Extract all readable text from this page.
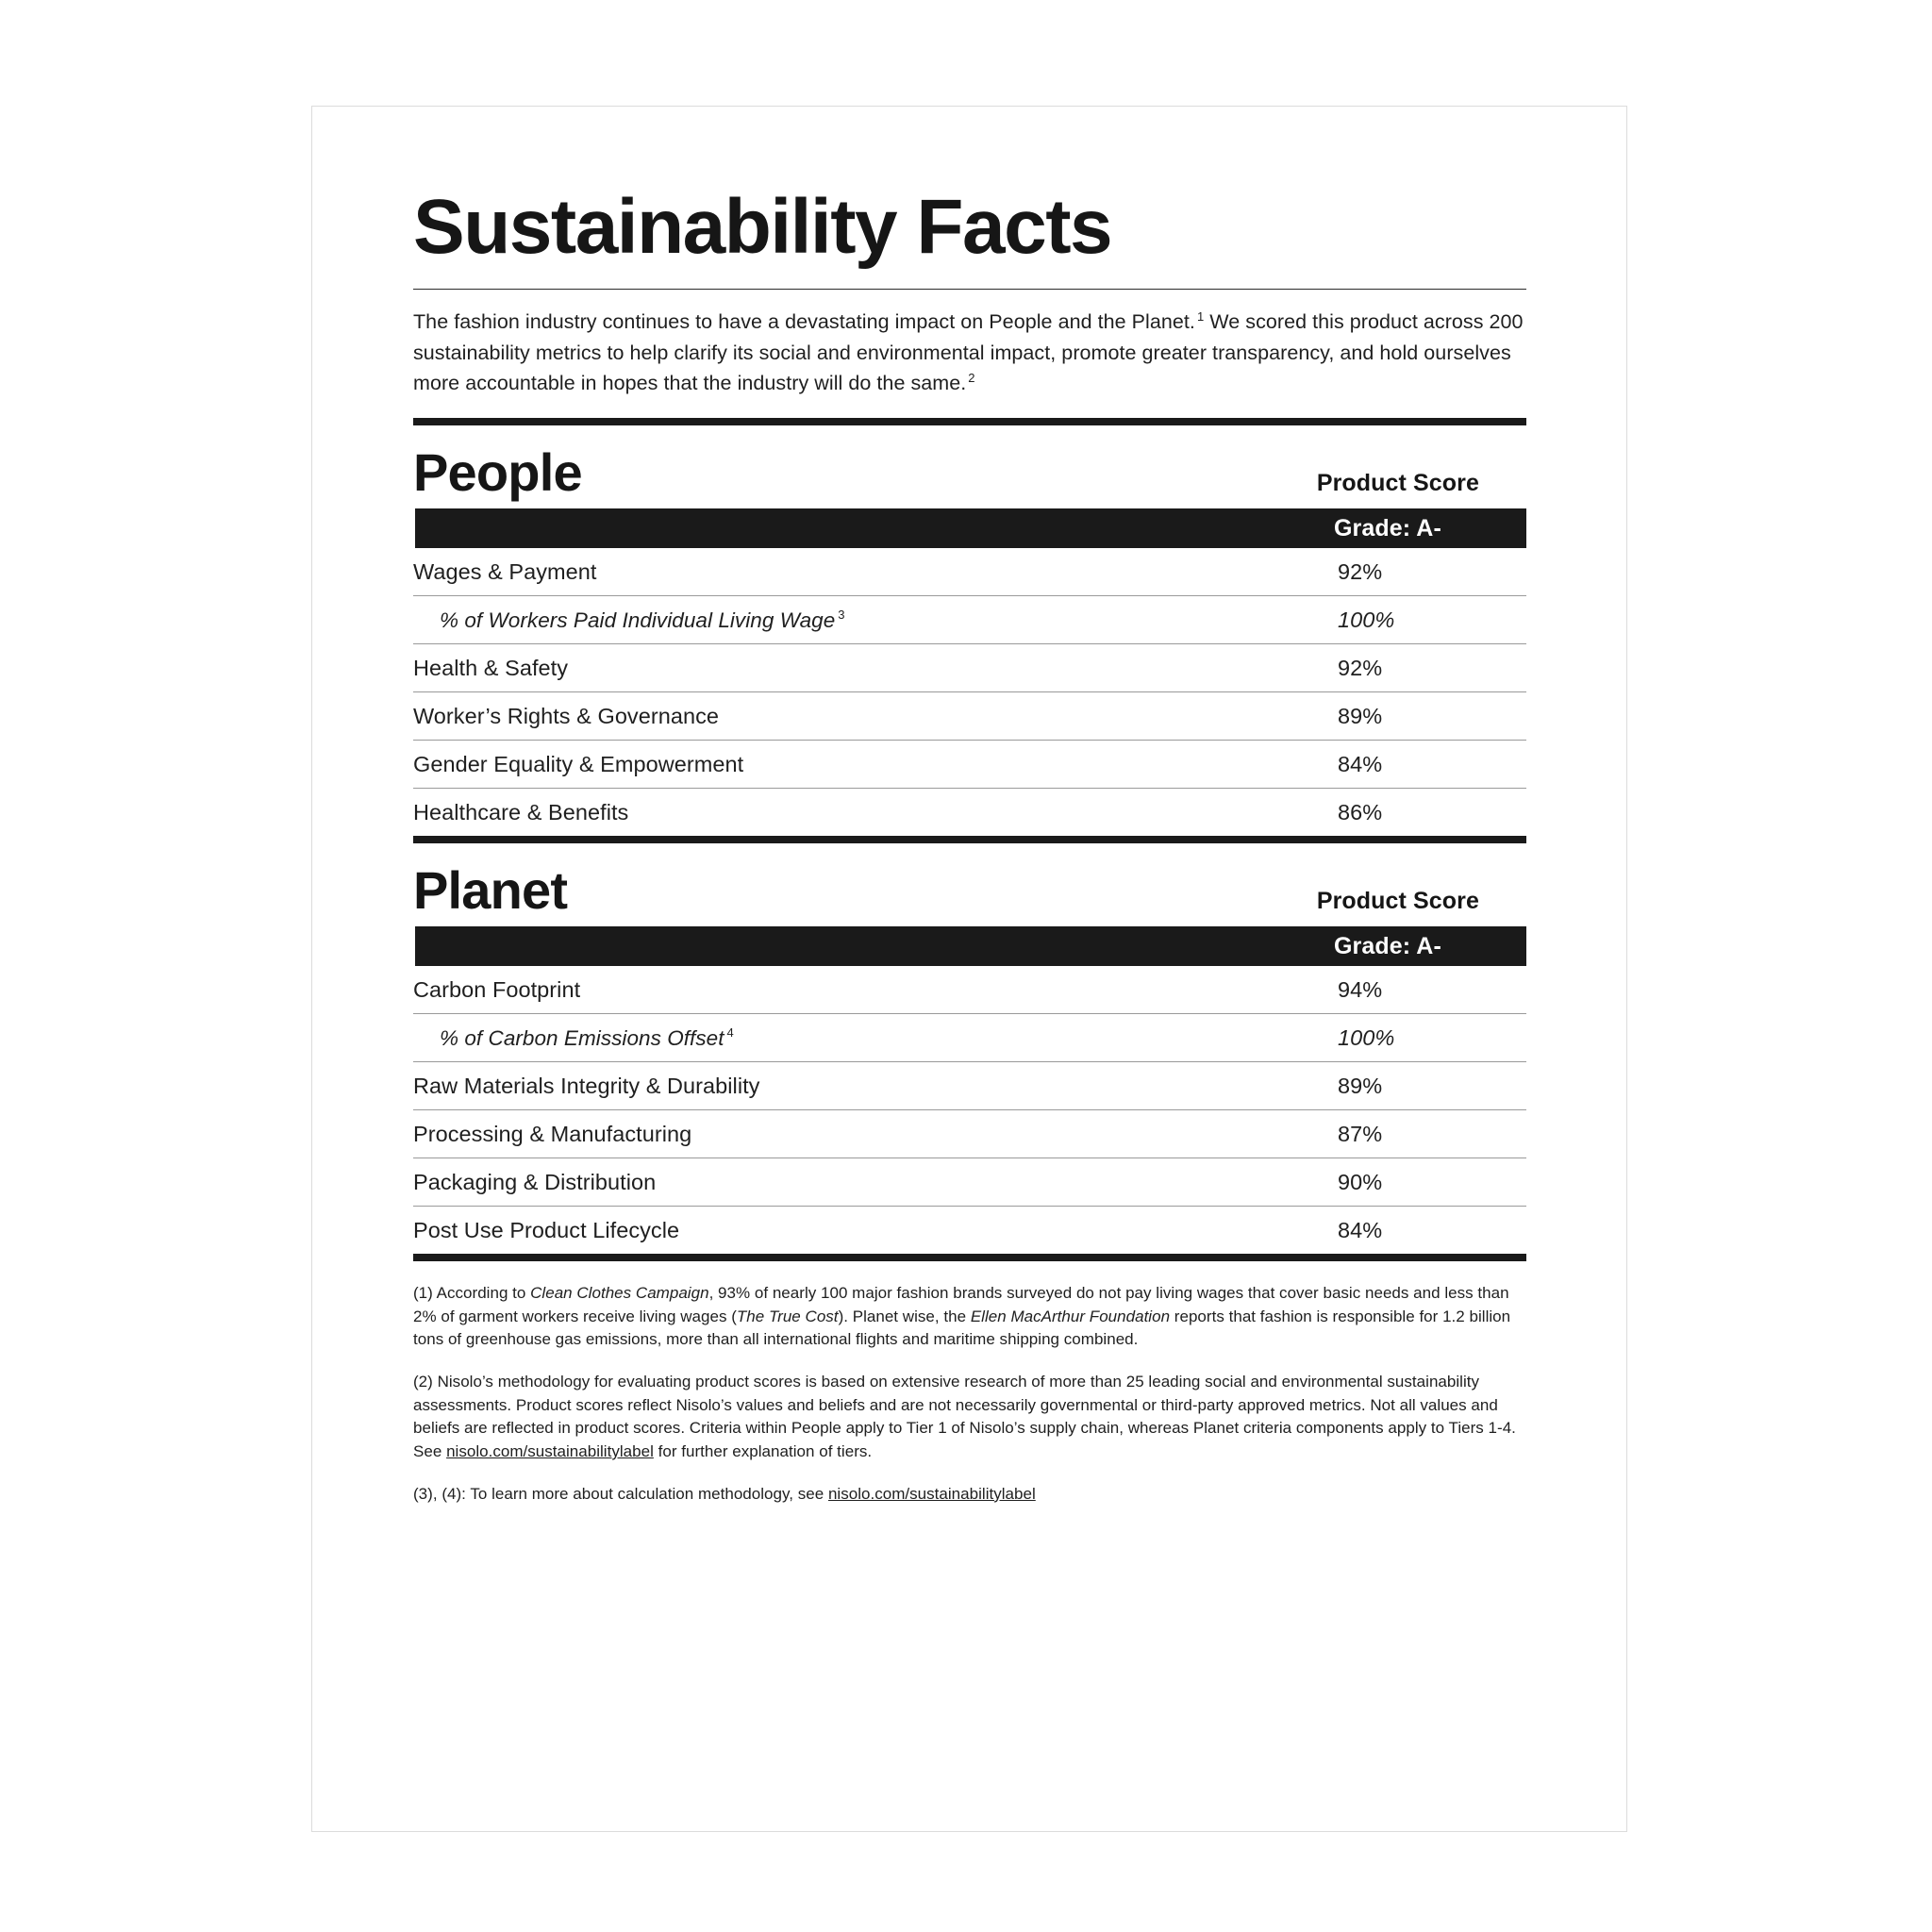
Sustainability Facts

The fashion industry continues to have a devastating impact on People and the Planet. $^1$ We scored this product across 200 sustainability metrics to help clarify its social and environmental impact, promote greater transparency, and hold ourselves more accountable in hopes that the industry will do the same. $^2$

People	Product Score
Grade: A-
Wages & Payment	92%
% of Workers Paid Individual Living Wage $^3$	100%
Health & Safety	92%
Worker’s Rights & Governance	89%
Gender Equality & Empowerment	84%
Healthcare & Benefits	86%
Planet	Product Score
Grade: A-
Carbon Footprint	94%
% of Carbon Emissions Offset $^4$	100%
Raw Materials Integrity & Durability	89%
Processing & Manufacturing	87%
Packaging & Distribution	90%
Post Use Product Lifecycle	84%

(1) According to Clean Clothes Campaign, 93% of nearly 100 major fashion brands surveyed do not pay living wages that cover basic needs and less than 2% of garment workers receive living wages (The True Cost). Planet wise, the Ellen MacArthur Foundation reports that fashion is responsible for 1.2 billion tons of greenhouse gas emissions, more than all international flights and maritime shipping combined.

(2) Nisolo’s methodology for evaluating product scores is based on extensive research of more than 25 leading social and environmental sustainability assessments. Product scores reflect Nisolo’s values and beliefs and are not necessarily governmental or third-party approved metrics. Not all values and beliefs are reflected in product scores. Criteria within People apply to Tier 1 of Nisolo’s supply chain, whereas Planet criteria components apply to Tiers 1-4. See nisolo.com/sustainabilitylabel for further explanation of tiers.

(3), (4): To learn more about calculation methodology, see nisolo.com/sustainabilitylabel
